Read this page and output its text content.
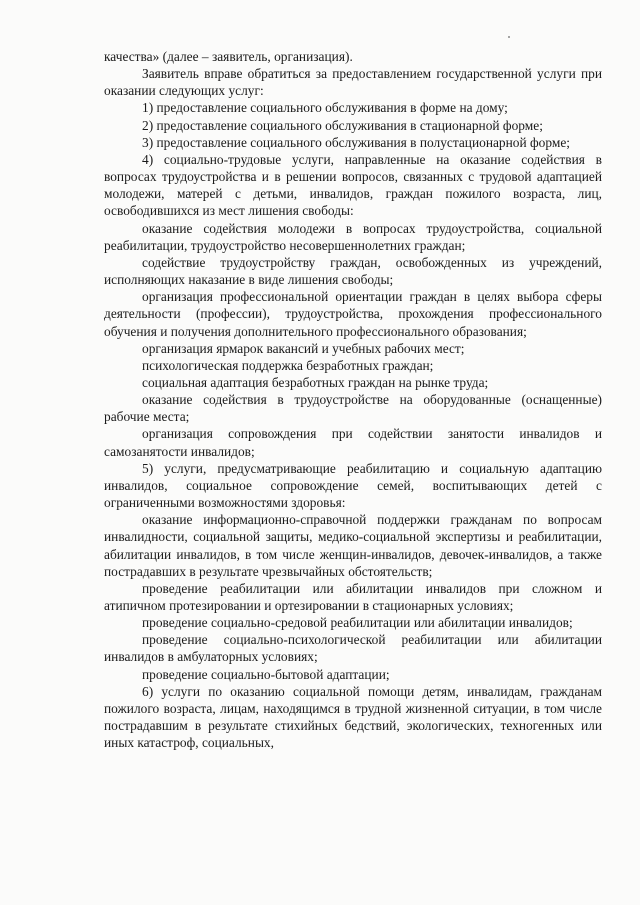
качества» (далее – заявитель, организация).

Заявитель вправе обратиться за предоставлением государственной услуги при оказании следующих услуг:

1) предоставление социального обслуживания в форме на дому;

2) предоставление социального обслуживания в стационарной форме;

3) предоставление социального обслуживания в полустационарной форме;

4) социально-трудовые услуги, направленные на оказание содействия в вопросах трудоустройства и в решении вопросов, связанных с трудовой адаптацией молодежи, матерей с детьми, инвалидов, граждан пожилого возраста, лиц, освободившихся из мест лишения свободы:

оказание содействия молодежи в вопросах трудоустройства, социальной реабилитации, трудоустройство несовершеннолетних граждан;

содействие трудоустройству граждан, освобожденных из учреждений, исполняющих наказание в виде лишения свободы;

организация профессиональной ориентации граждан в целях выбора сферы деятельности (профессии), трудоустройства, прохождения профессионального обучения и получения дополнительного профессионального образования;

организация ярмарок вакансий и учебных рабочих мест;

психологическая поддержка безработных граждан;

социальная адаптация безработных граждан на рынке труда;

оказание содействия в трудоустройстве на оборудованные (оснащенные) рабочие места;

организация сопровождения при содействии занятости инвалидов и самозанятости инвалидов;

5) услуги, предусматривающие реабилитацию и социальную адаптацию инвалидов, социальное сопровождение семей, воспитывающих детей с ограниченными возможностями здоровья:

оказание информационно-справочной поддержки гражданам по вопросам инвалидности, социальной защиты, медико-социальной экспертизы и реабилитации, абилитации инвалидов, в том числе женщин-инвалидов, девочек-инвалидов, а также пострадавших в результате чрезвычайных обстоятельств;

проведение реабилитации или абилитации инвалидов при сложном и атипичном протезировании и ортезировании в стационарных условиях;

проведение социально-средовой реабилитации или абилитации инвалидов;

проведение социально-психологической реабилитации или абилитации инвалидов в амбулаторных условиях;

проведение социально-бытовой адаптации;

6) услуги по оказанию социальной помощи детям, инвалидам, гражданам пожилого возраста, лицам, находящимся в трудной жизненной ситуации, в том числе пострадавшим в результате стихийных бедствий, экологических, техногенных или иных катастроф, социальных,
